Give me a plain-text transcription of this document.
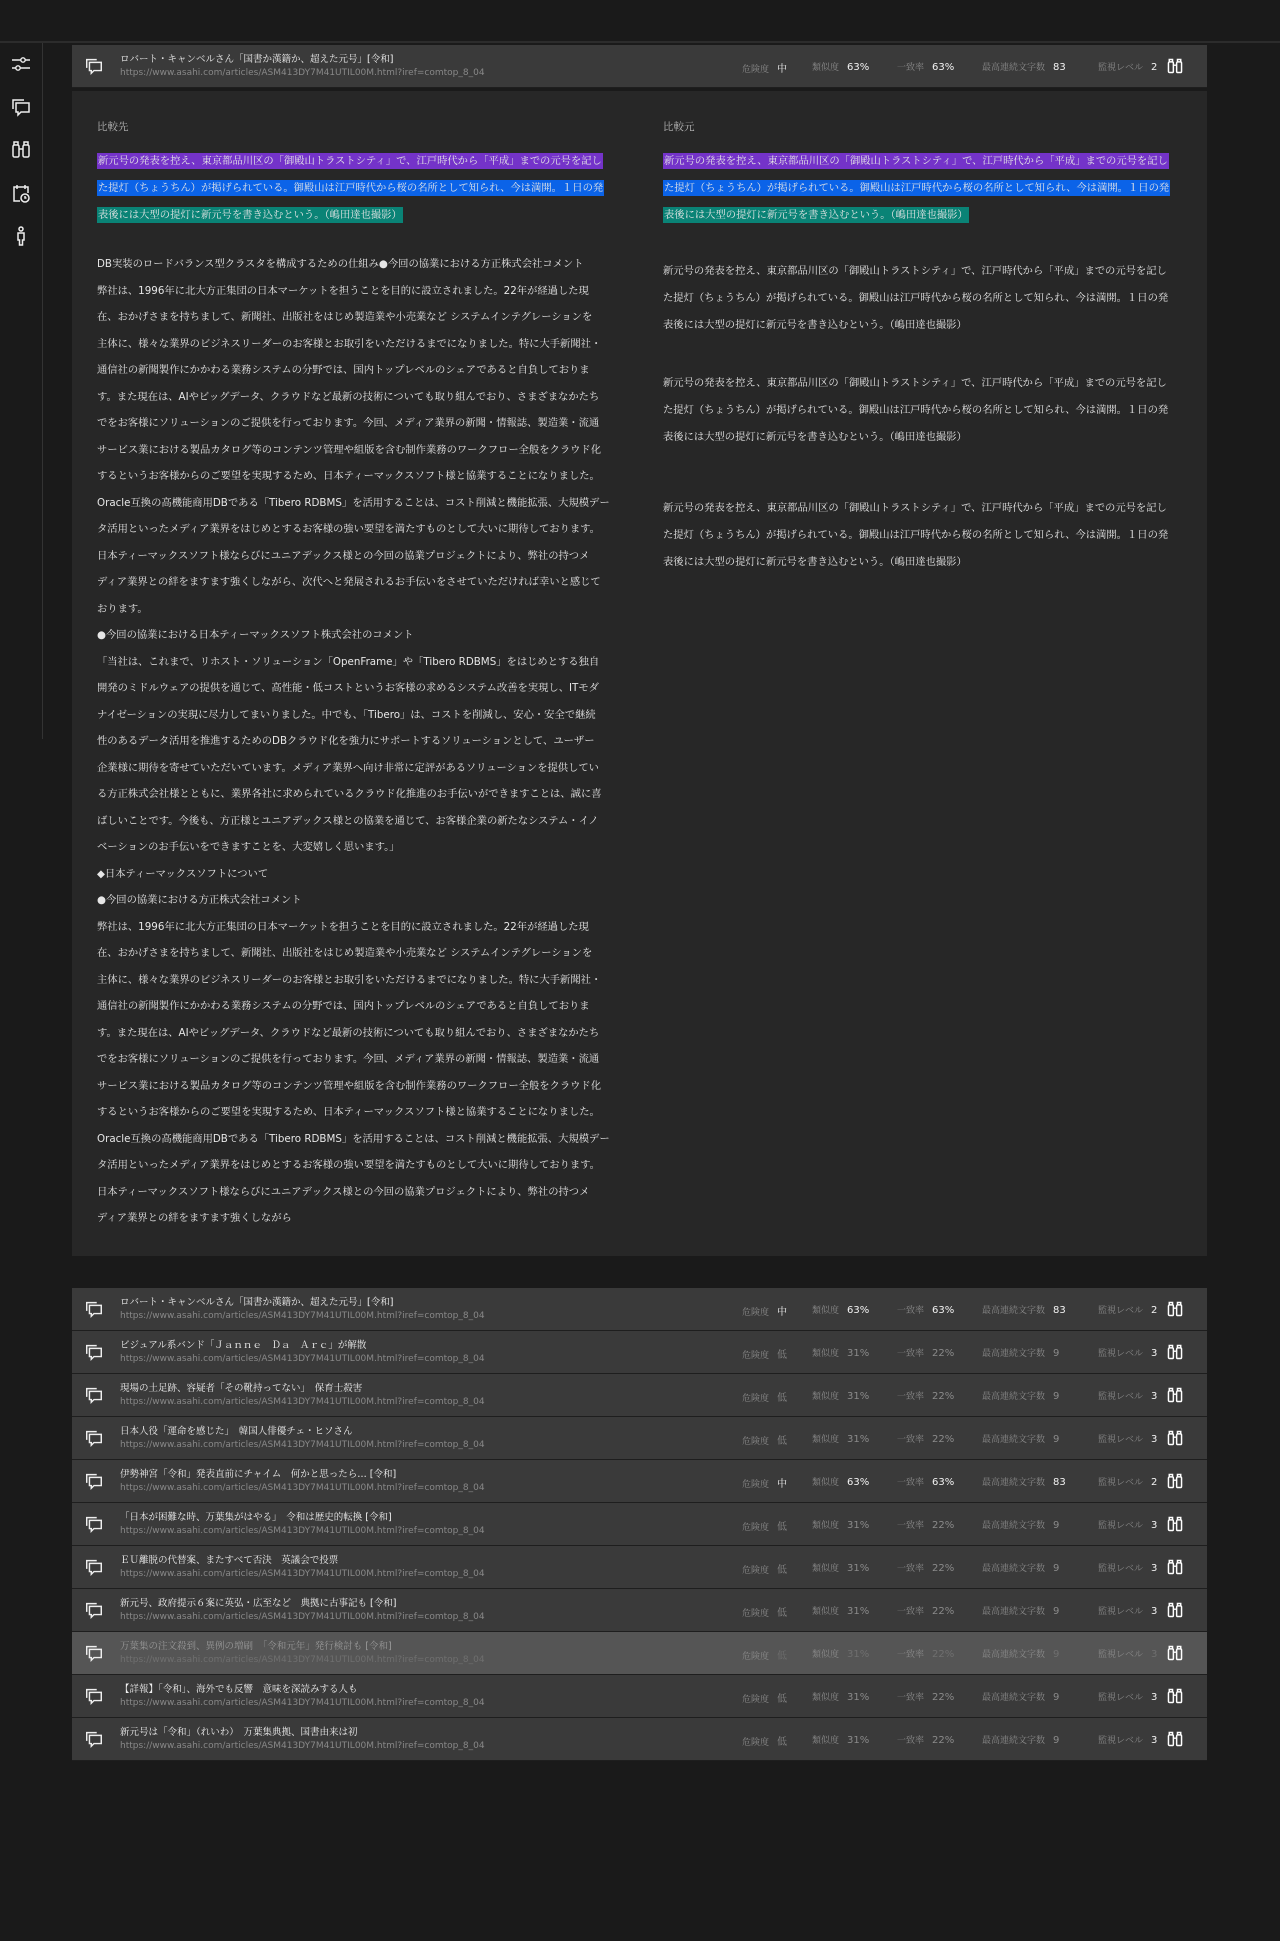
ロバート・キャンベルさん「国書か漢籍か、超えた元号」[令和]
https://www.asahi.com/articles/ASM413DY7M41UTIL00M.html?iref=comtop_8_04	危険度 中	類似度 63%	一致率 63%	最高連続文字数 83	監視レベル 2
比較先	比較元
新元号の発表を控え、東京都品川区の「御殿山トラストシティ」で、江戸時代から「平成」までの元号を記し
た提灯（ちょうちん）が掲げられている。御殿山は江戸時代から桜の名所として知られ、今は満開。１日の発
表後には大型の提灯に新元号を書き込むという。（嶋田達也撮影）
DB実装のロードバランス型クラスタを構成するための仕組み●今回の協業における方正株式会社コメント
弊社は、1996年に北大方正集団の日本マーケットを担うことを目的に設立されました。22年が経過した現
在、おかげさまを持ちまして、新聞社、出版社をはじめ製造業や小売業など システムインテグレーションを
主体に、様々な業界のビジネスリーダーのお客様とお取引をいただけるまでになりました。特に大手新聞社・
通信社の新聞製作にかかわる業務システムの分野では、国内トップレベルのシェアであると自負しておりま
す。また現在は、AIやビッグデータ、クラウドなど最新の技術についても取り組んでおり、さまざまなかたち
でをお客様にソリューションのご提供を行っております。今回、メディア業界の新聞・情報誌、製造業・流通
サービス業における製品カタログ等のコンテンツ管理や組版を含む制作業務のワークフロー全般をクラウド化
するというお客様からのご要望を実現するため、日本ティーマックスソフト様と協業することになりました。
Oracle互換の高機能商用DBである「Tibero RDBMS」を活用することは、コスト削減と機能拡張、大規模デー
タ活用といったメディア業界をはじめとするお客様の強い要望を満たすものとして大いに期待しております。
日本ティーマックスソフト様ならびにユニアデックス様との今回の協業プロジェクトにより、弊社の持つメ
ディア業界との絆をますます強くしながら、次代へと発展されるお手伝いをさせていただければ幸いと感じて
おります。
●今回の協業における日本ティーマックスソフト株式会社のコメント
「当社は、これまで、リホスト・ソリューション「OpenFrame」や「Tibero RDBMS」をはじめとする独自
開発のミドルウェアの提供を通じて、高性能・低コストというお客様の求めるシステム改善を実現し、ITモダ
ナイゼーションの実現に尽力してまいりました。中でも、「Tibero」は、コストを削減し、安心・安全で継続
性のあるデータ活用を推進するためのDBクラウド化を強力にサポートするソリューションとして、ユーザー
企業様に期待を寄せていただいています。メディア業界へ向け非常に定評があるソリューションを提供してい
る方正株式会社様とともに、業界各社に求められているクラウド化推進のお手伝いができますことは、誠に喜
ばしいことです。今後も、方正様とユニアデックス様との協業を通じて、お客様企業の新たなシステム・イノ
ベーションのお手伝いをできますことを、大変嬉しく思います。」
◆日本ティーマックスソフトについて
●今回の協業における方正株式会社コメント
弊社は、1996年に北大方正集団の日本マーケットを担うことを目的に設立されました。22年が経過した現
在、おかげさまを持ちまして、新聞社、出版社をはじめ製造業や小売業など システムインテグレーションを
主体に、様々な業界のビジネスリーダーのお客様とお取引をいただけるまでになりました。特に大手新聞社・
通信社の新聞製作にかかわる業務システムの分野では、国内トップレベルのシェアであると自負しておりま
す。また現在は、AIやビッグデータ、クラウドなど最新の技術についても取り組んでおり、さまざまなかたち
でをお客様にソリューションのご提供を行っております。今回、メディア業界の新聞・情報誌、製造業・流通
サービス業における製品カタログ等のコンテンツ管理や組版を含む制作業務のワークフロー全般をクラウド化
するというお客様からのご要望を実現するため、日本ティーマックスソフト様と協業することになりました。
Oracle互換の高機能商用DBである「Tibero RDBMS」を活用することは、コスト削減と機能拡張、大規模デー
タ活用といったメディア業界をはじめとするお客様の強い要望を満たすものとして大いに期待しております。
日本ティーマックスソフト様ならびにユニアデックス様との今回の協業プロジェクトにより、弊社の持つメ
ディア業界との絆をますます強くしながら
新元号の発表を控え、東京都品川区の「御殿山トラストシティ」で、江戸時代から「平成」までの元号を記し
た提灯（ちょうちん）が掲げられている。御殿山は江戸時代から桜の名所として知られ、今は満開。１日の発
表後には大型の提灯に新元号を書き込むという。（嶋田達也撮影）
新元号の発表を控え、東京都品川区の「御殿山トラストシティ」で、江戸時代から「平成」までの元号を記し
た提灯（ちょうちん）が掲げられている。御殿山は江戸時代から桜の名所として知られ、今は満開。１日の発
表後には大型の提灯に新元号を書き込むという。（嶋田達也撮影）
新元号の発表を控え、東京都品川区の「御殿山トラストシティ」で、江戸時代から「平成」までの元号を記し
た提灯（ちょうちん）が掲げられている。御殿山は江戸時代から桜の名所として知られ、今は満開。１日の発
表後には大型の提灯に新元号を書き込むという。（嶋田達也撮影）
新元号の発表を控え、東京都品川区の「御殿山トラストシティ」で、江戸時代から「平成」までの元号を記し
た提灯（ちょうちん）が掲げられている。御殿山は江戸時代から桜の名所として知られ、今は満開。１日の発
表後には大型の提灯に新元号を書き込むという。（嶋田達也撮影）
ロバート・キャンベルさん「国書か漢籍か、超えた元号」[令和]
https://www.asahi.com/articles/ASM413DY7M41UTIL00M.html?iref=comtop_8_04	危険度 中	類似度 63%	一致率 63%	最高連続文字数 83	監視レベル 2
ビジュアル系バンド「Ｊａｎｎｅ　Ｄａ　Ａｒｃ」が解散
https://www.asahi.com/articles/ASM413DY7M41UTIL00M.html?iref=comtop_8_04	危険度 低	類似度 31%	一致率 22%	最高連続文字数 9	監視レベル 3
現場の土足跡、容疑者「その靴持ってない」　保育士殺害
https://www.asahi.com/articles/ASM413DY7M41UTIL00M.html?iref=comtop_8_04	危険度 低	類似度 31%	一致率 22%	最高連続文字数 9	監視レベル 3
日本人役「運命を感じた」　韓国人俳優チェ・ヒソさん
https://www.asahi.com/articles/ASM413DY7M41UTIL00M.html?iref=comtop_8_04	危険度 低	類似度 31%	一致率 22%	最高連続文字数 9	監視レベル 3
伊勢神宮「令和」発表直前にチャイム　何かと思ったら… [令和]
https://www.asahi.com/articles/ASM413DY7M41UTIL00M.html?iref=comtop_8_04	危険度 中	類似度 63%	一致率 63%	最高連続文字数 83	監視レベル 2
「日本が困難な時、万葉集がはやる」　令和は歴史的転換 [令和]
https://www.asahi.com/articles/ASM413DY7M41UTIL00M.html?iref=comtop_8_04	危険度 低	類似度 31%	一致率 22%	最高連続文字数 9	監視レベル 3
ＥＵ離脱の代替案、またすべて否決　英議会で投票
https://www.asahi.com/articles/ASM413DY7M41UTIL00M.html?iref=comtop_8_04	危険度 低	類似度 31%	一致率 22%	最高連続文字数 9	監視レベル 3
新元号、政府提示６案に英弘・広至など　典拠に古事記も [令和]
https://www.asahi.com/articles/ASM413DY7M41UTIL00M.html?iref=comtop_8_04	危険度 低	類似度 31%	一致率 22%	最高連続文字数 9	監視レベル 3
万葉集の注文殺到、異例の増刷　「令和元年」発行検討も [令和]
https://www.asahi.com/articles/ASM413DY7M41UTIL00M.html?iref=comtop_8_04	危険度 低	類似度 31%	一致率 22%	最高連続文字数 9	監視レベル 3
【詳報】「令和」、海外でも反響　意味を深読みする人も
https://www.asahi.com/articles/ASM413DY7M41UTIL00M.html?iref=comtop_8_04	危険度 低	類似度 31%	一致率 22%	最高連続文字数 9	監視レベル 3
新元号は「令和」（れいわ）　万葉集典拠、国書由来は初
https://www.asahi.com/articles/ASM413DY7M41UTIL00M.html?iref=comtop_8_04	危険度 低	類似度 31%	一致率 22%	最高連続文字数 9	監視レベル 3
